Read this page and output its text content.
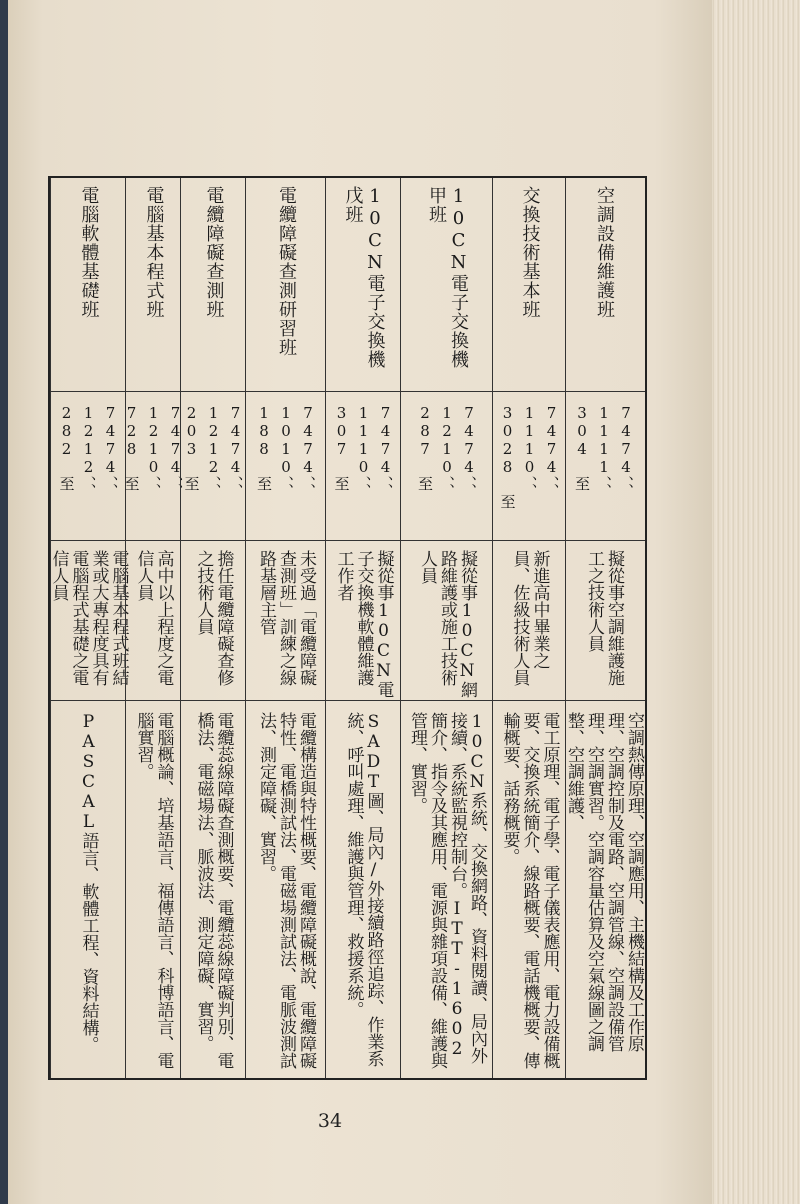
電腦軟體基礎班
7474、、1212、、282 至
電腦基本程式班結業或大專程度具有電腦程式基礎之電信人員
PASCAL語言、軟體工程、資料結構。
電腦基本程式班
7474、、1210、、728 至
高中以上程度之電信人員
電腦概論、培基語言、福傳語言、科博語言、電腦實習。
電纜障礙查測班
7474、、1212、、203 至
擔任電纜障礙查修之技術人員
電纜蕊線障礙查測概要、電纜蕊線障礙判別、電橋法、電磁場法、脈波法、測定障礙、實習。
電纜障礙查測研習班
7474、、1010、、188 至
未受過「電纜障礙查測班」訓練之線路基層主管
電纜構造與特性概要、電纜障礙概說、電纜障礙特性、電橋測試法、電磁場測試法、電脈波測試法、測定障礙、實習。
10CN電子交換機戊班
7474、、1110、、307 至
擬從事10CN電子交換機軟體維護工作者
SADT圖、局內/外接續路徑追踪、作業系統、呼叫處理、維護與管理、救援系統。
10CN電子交換機甲班
7474、、1210、、287 至
擬從事10CN網路維護或施工技術人員
10CN系統、交換網路、資料閱讀、局內外接續、系統監視控制台。ITT-1602簡介、指令及其應用、電源與雜項設備、維護與管理、實習。
交換技術基本班
7474、、1110、、3028 至
新進高中畢業之員、佐級技術人員
電工原理、電子學、電子儀表應用、電力設備概要、交換系統簡介、線路概要、電話機概要、傳輸概要、話務概要。
空調設備維護班
7474、、1111、、304 至
擬從事空調維護施工之技術人員
空調熱傳原理、空調應用、主機結構及工作原理、空調控制及電路、空調管線、空調設備管理、空調實習。空調容量估算及空氣線圖之調整、空調維護、
34
